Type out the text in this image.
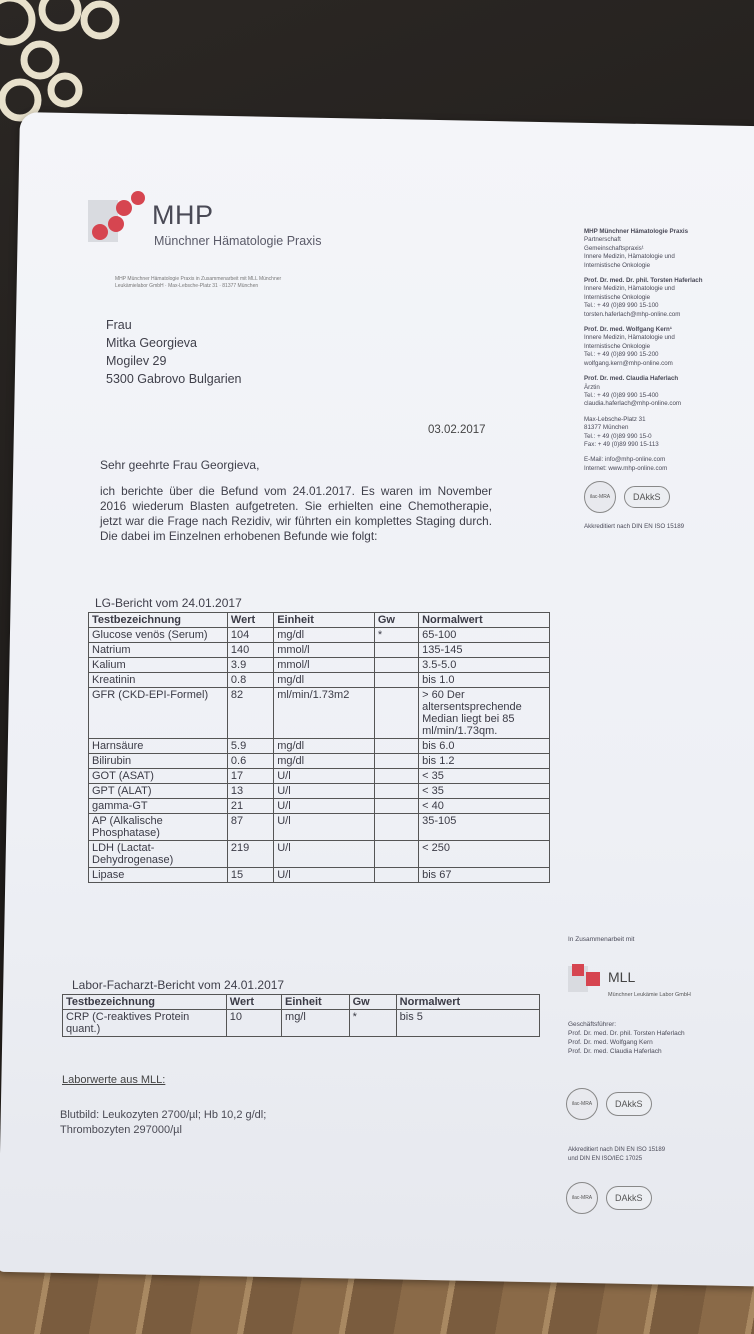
MHP
Münchner Hämatologie Praxis
MHP Münchner Hämatologie Praxis in Zusammenarbeit mit MLL Münchner Leukämielabor GmbH · Max-Lebsche-Platz 31 · 81377 München
Frau
Mitka Georgieva
Mogilev 29
5300 Gabrovo Bulgarien
03.02.2017
Sehr geehrte Frau Georgieva,
ich berichte über die Befund vom 24.01.2017. Es waren im November 2016 wiederum Blasten aufgetreten. Sie erhielten eine Chemotherapie, jetzt war die Frage nach Rezidiv, wir führten ein komplettes Staging durch. Die dabei im Einzelnen erhobenen Befunde wie folgt:
LG-Bericht vom 24.01.2017
Testbezeichnung	Wert	Einheit	Gw	Normalwert
Glucose venös (Serum)	104	mg/dl	*	65-100
Natrium	140	mmol/l		135-145
Kalium	3.9	mmol/l		3.5-5.0
Kreatinin	0.8	mg/dl		bis 1.0
GFR (CKD-EPI-Formel)	82	ml/min/1.73m2		> 60 Der altersentsprechende Median liegt bei 85 ml/min/1.73qm.
Harnsäure	5.9	mg/dl		bis 6.0
Bilirubin	0.6	mg/dl		bis 1.2
GOT (ASAT)	17	U/l		< 35
GPT (ALAT)	13	U/l		< 35
gamma-GT	21	U/l		< 40
AP (Alkalische Phosphatase)	87	U/l		35-105
LDH (Lactat-Dehydrogenase)	219	U/l		< 250
Lipase	15	U/l		bis 67
Labor-Facharzt-Bericht vom 24.01.2017
Testbezeichnung	Wert	Einheit	Gw	Normalwert
CRP (C-reaktives Protein quant.)	10	mg/l	*	bis 5
Laborwerte aus MLL:
Blutbild: Leukozyten 2700/µl; Hb 10,2 g/dl;
Thrombozyten 297000/µl
MHP Münchner Hämatologie Praxis
Partnerschaft
Gemeinschaftspraxis¹
Innere Medizin, Hämatologie und
Internistische Onkologie
Prof. Dr. med. Dr. phil. Torsten Haferlach
Innere Medizin, Hämatologie und
Internistische Onkologie
Tel.: + 49 (0)89 990 15-100
torsten.haferlach@mhp-online.com
Prof. Dr. med. Wolfgang Kern¹
Innere Medizin, Hämatologie und
Internistische Onkologie
Tel.: + 49 (0)89 990 15-200
wolfgang.kern@mhp-online.com
Prof. Dr. med. Claudia Haferlach
Ärztin
Tel.: + 49 (0)89 990 15-400
claudia.haferlach@mhp-online.com
Max-Lebsche-Platz 31
81377 München
Tel.: + 49 (0)89 990 15-0
Fax: + 49 (0)89 990 15-113
E-Mail: info@mhp-online.com
Internet: www.mhp-online.com
ilac-MRA	DAkkS
Akkreditiert nach DIN EN ISO 15189
In Zusammenarbeit mit
MLL
Münchner Leukämie Labor GmbH
Geschäftsführer:
Prof. Dr. med. Dr. phil. Torsten Haferlach
Prof. Dr. med. Wolfgang Kern
Prof. Dr. med. Claudia Haferlach
ilac-MRA	DAkkS
Akkreditiert nach DIN EN ISO 15189
und DIN EN ISO/IEC 17025
ilac-MRA	DAkkS
